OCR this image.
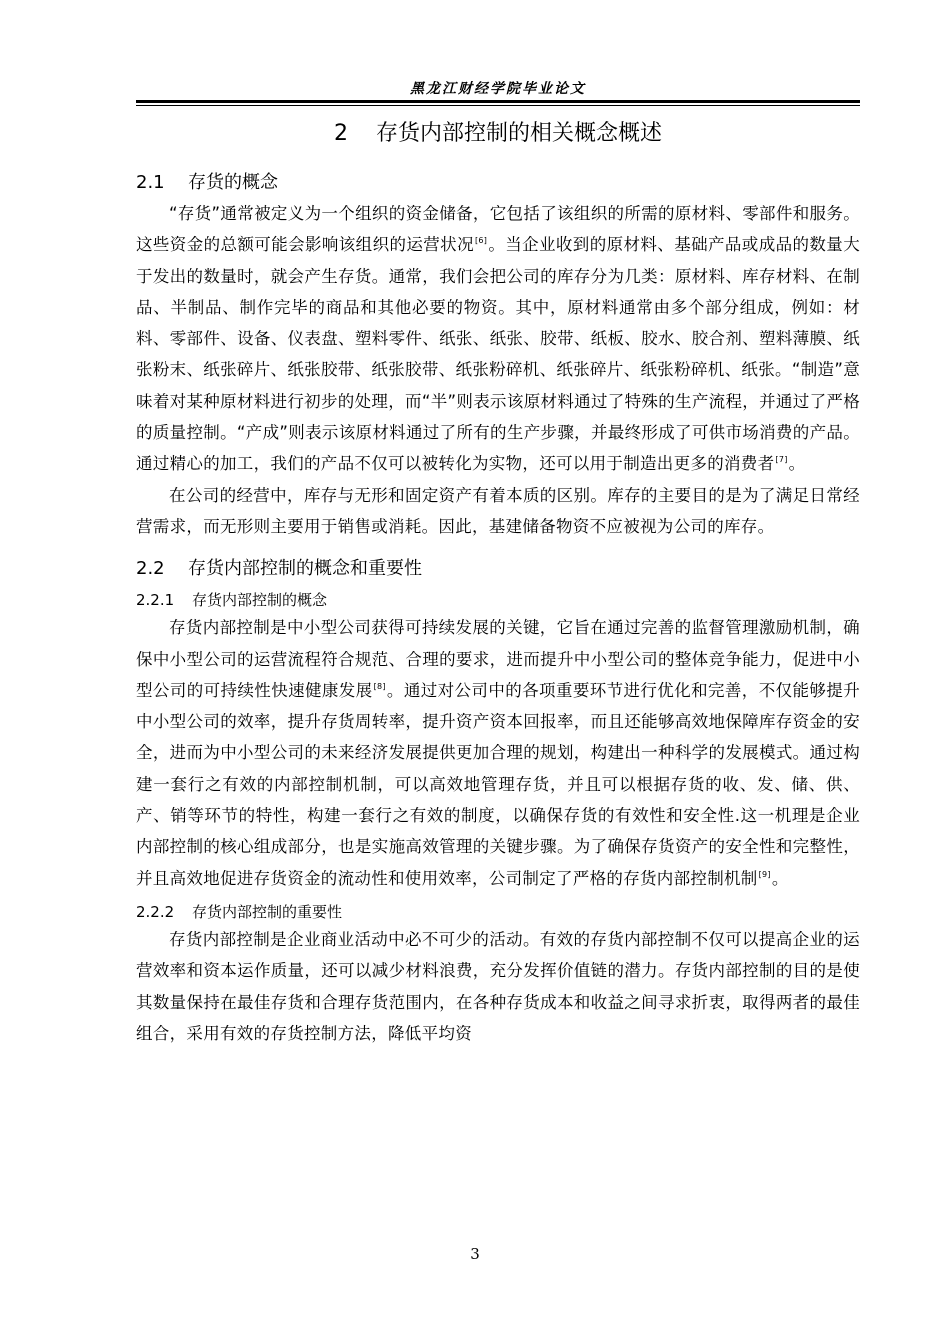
黑龙江财经学院毕业论文
2 存货内部控制的相关概念概述
2.1 存货的概念

“存货”通常被定义为一个组织的资金储备，它包括了该组织的所需的原材料、零部件和服务。这些资金的总额可能会影响该组织的运营状况[6]。当企业收到的原材料、基础产品或成品的数量大于发出的数量时，就会产生存货。通常，我们会把公司的库存分为几类：原材料、库存材料、在制品、半制品、制作完毕的商品和其他必要的物资。其中，原材料通常由多个部分组成，例如：材料、零部件、设备、仪表盘、塑料零件、纸张、纸张、胶带、纸板、胶水、胶合剂、塑料薄膜、纸张粉末、纸张碎片、纸张胶带、纸张胶带、纸张粉碎机、纸张碎片、纸张粉碎机、纸张。“制造”意味着对某种原材料进行初步的处理，而“半”则表示该原材料通过了特殊的生产流程，并通过了严格的质量控制。“产成”则表示该原材料通过了所有的生产步骤，并最终形成了可供市场消费的产品。通过精心的加工，我们的产品不仅可以被转化为实物，还可以用于制造出更多的消费者[7]。

在公司的经营中，库存与无形和固定资产有着本质的区别。库存的主要目的是为了满足日常经营需求，而无形则主要用于销售或消耗。因此，基建储备物资不应被视为公司的库存。

2.2 存货内部控制的概念和重要性
2.2.1 存货内部控制的概念

存货内部控制是中小型公司获得可持续发展的关键，它旨在通过完善的监督管理激励机制，确保中小型公司的运营流程符合规范、合理的要求，进而提升中小型公司的整体竞争能力，促进中小型公司的可持续性快速健康发展[8]。通过对公司中的各项重要环节进行优化和完善，不仅能够提升中小型公司的效率，提升存货周转率，提升资产资本回报率，而且还能够高效地保障库存资金的安全，进而为中小型公司的未来经济发展提供更加合理的规划，构建出一种科学的发展模式。通过构建一套行之有效的内部控制机制，可以高效地管理存货，并且可以根据存货的收、发、储、供、产、销等环节的特性，构建一套行之有效的制度，以确保存货的有效性和安全性.这一机理是企业内部控制的核心组成部分，也是实施高效管理的关键步骤。为了确保存货资产的安全性和完整性，并且高效地促进存货资金的流动性和使用效率，公司制定了严格的存货内部控制机制[9]。

2.2.2 存货内部控制的重要性

存货内部控制是企业商业活动中必不可少的活动。有效的存货内部控制不仅可以提高企业的运营效率和资本运作质量，还可以减少材料浪费，充分发挥价值链的潜力。存货内部控制的目的是使其数量保持在最佳存货和合理存货范围内，在各种存货成本和收益之间寻求折衷，取得两者的最佳组合，采用有效的存货控制方法，降低平均资

3
